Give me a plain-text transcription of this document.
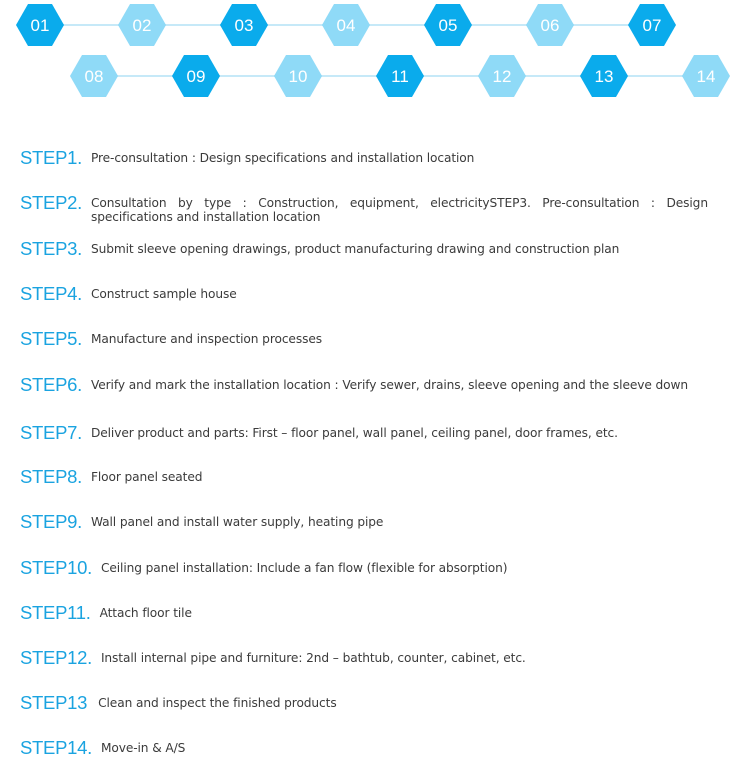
01	02	03	04	05	06	07
08	09	10	11	12	13	14
STEP1. Pre-consultation : Design specifications and installation location
STEP2. Consultation by type : Construction, equipment, electricitySTEP3. Pre-consultation : Design specifications and installation location
STEP3. Submit sleeve opening drawings, product manufacturing drawing and construction plan
STEP4. Construct sample house
STEP5. Manufacture and inspection processes
STEP6. Verify and mark the installation location : Verify sewer, drains, sleeve opening and the sleeve down
STEP7. Deliver product and parts: First – floor panel, wall panel, ceiling panel, door frames, etc.
STEP8. Floor panel seated
STEP9. Wall panel and install water supply, heating pipe
STEP10. Ceiling panel installation: Include a fan flow (flexible for absorption)
STEP11. Attach floor tile
STEP12. Install internal pipe and furniture: 2nd – bathtub, counter, cabinet, etc.
STEP13 Clean and inspect the finished products
STEP14. Move-in & A/S
